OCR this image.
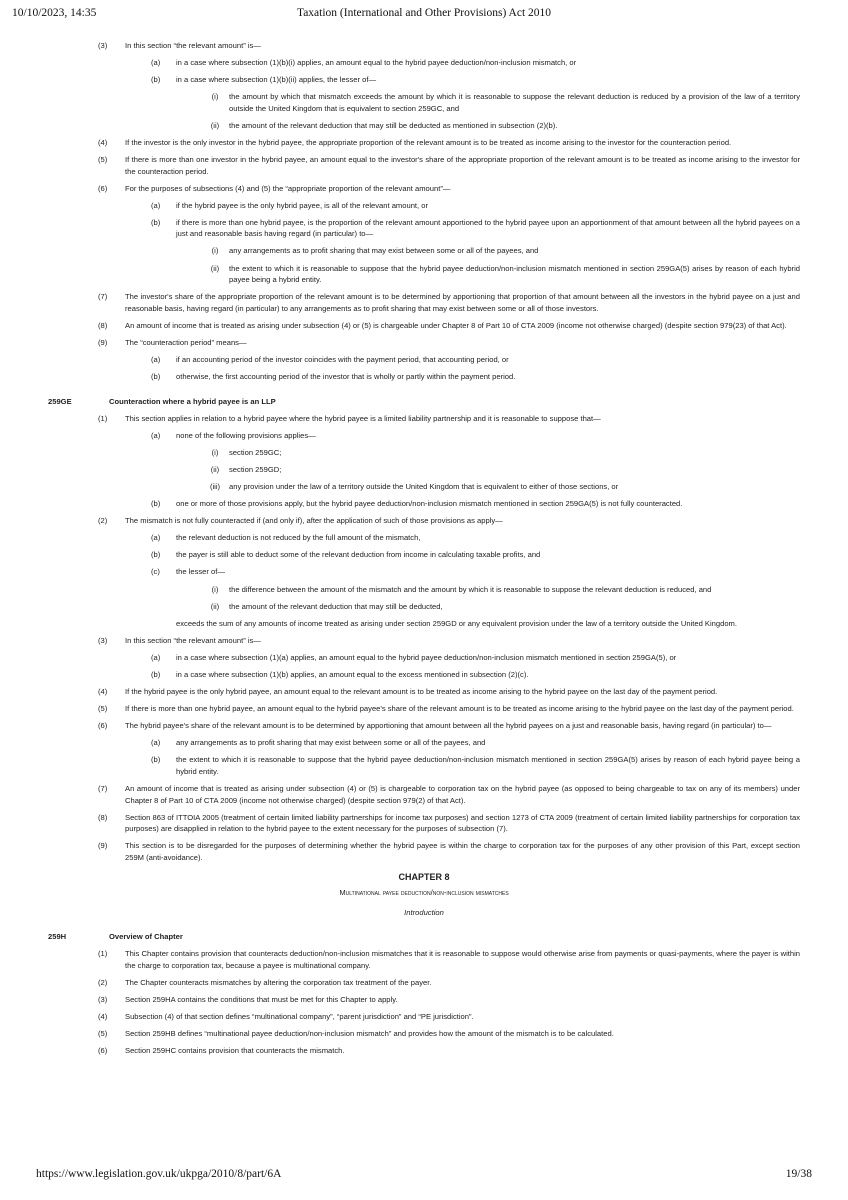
10/10/2023, 14:35	Taxation (International and Other Provisions) Act 2010
(3) In this section “the relevant amount” is—
(a) in a case where subsection (1)(b)(i) applies, an amount equal to the hybrid payee deduction/non-inclusion mismatch, or
(b) in a case where subsection (1)(b)(ii) applies, the lesser of—
(i)	the amount by which that mismatch exceeds the amount by which it is reasonable to suppose the relevant deduction is reduced by a provision of the law of a territory outside the United Kingdom that is equivalent to section 259GC, and
(ii)	the amount of the relevant deduction that may still be deducted as mentioned in subsection (2)(b).
(4) If the investor is the only investor in the hybrid payee, the appropriate proportion of the relevant amount is to be treated as income arising to the investor for the counteraction period.
(5) If there is more than one investor in the hybrid payee, an amount equal to the investor's share of the appropriate proportion of the relevant amount is to be treated as income arising to the investor for the counteraction period.
(6) For the purposes of subsections (4) and (5) the “appropriate proportion of the relevant amount”—
(a) if the hybrid payee is the only hybrid payee, is all of the relevant amount, or
(b) if there is more than one hybrid payee, is the proportion of the relevant amount apportioned to the hybrid payee upon an apportionment of that amount between all the hybrid payees on a just and reasonable basis having regard (in particular) to—
(i)	any arrangements as to profit sharing that may exist between some or all of the payees, and
(ii)	the extent to which it is reasonable to suppose that the hybrid payee deduction/non-inclusion mismatch mentioned in section 259GA(5) arises by reason of each hybrid payee being a hybrid entity.
(7) The investor's share of the appropriate proportion of the relevant amount is to be determined by apportioning that proportion of that amount between all the investors in the hybrid payee on a just and reasonable basis, having regard (in particular) to any arrangements as to profit sharing that may exist between some or all of those investors.
(8) An amount of income that is treated as arising under subsection (4) or (5) is chargeable under Chapter 8 of Part 10 of CTA 2009 (income not otherwise charged) (despite section 979(23) of that Act).
(9) The “counteraction period” means—
(a) if an accounting period of the investor coincides with the payment period, that accounting period, or
(b) otherwise, the first accounting period of the investor that is wholly or partly within the payment period.
259GE	Counteraction where a hybrid payee is an LLP
(1) This section applies in relation to a hybrid payee where the hybrid payee is a limited liability partnership and it is reasonable to suppose that—
(a) none of the following provisions applies—
(i)	section 259GC;
(ii)	section 259GD;
(iii)	any provision under the law of a territory outside the United Kingdom that is equivalent to either of those sections, or
(b) one or more of those provisions apply, but the hybrid payee deduction/non-inclusion mismatch mentioned in section 259GA(5) is not fully counteracted.
(2) The mismatch is not fully counteracted if (and only if), after the application of such of those provisions as apply—
(a) the relevant deduction is not reduced by the full amount of the mismatch,
(b) the payer is still able to deduct some of the relevant deduction from income in calculating taxable profits, and
(c) the lesser of—
(i)	the difference between the amount of the mismatch and the amount by which it is reasonable to suppose the relevant deduction is reduced, and
(ii)	the amount of the relevant deduction that may still be deducted,
exceeds the sum of any amounts of income treated as arising under section 259GD or any equivalent provision under the law of a territory outside the United Kingdom.
(3) In this section “the relevant amount” is—
(a) in a case where subsection (1)(a) applies, an amount equal to the hybrid payee deduction/non-inclusion mismatch mentioned in section 259GA(5), or
(b) in a case where subsection (1)(b) applies, an amount equal to the excess mentioned in subsection (2)(c).
(4) If the hybrid payee is the only hybrid payee, an amount equal to the relevant amount is to be treated as income arising to the hybrid payee on the last day of the payment period.
(5) If there is more than one hybrid payee, an amount equal to the hybrid payee's share of the relevant amount is to be treated as income arising to the hybrid payee on the last day of the payment period.
(6) The hybrid payee's share of the relevant amount is to be determined by apportioning that amount between all the hybrid payees on a just and reasonable basis, having regard (in particular) to—
(a) any arrangements as to profit sharing that may exist between some or all of the payees, and
(b) the extent to which it is reasonable to suppose that the hybrid payee deduction/non-inclusion mismatch mentioned in section 259GA(5) arises by reason of each hybrid payee being a hybrid entity.
(7) An amount of income that is treated as arising under subsection (4) or (5) is chargeable to corporation tax on the hybrid payee (as opposed to being chargeable to tax on any of its members) under Chapter 8 of Part 10 of CTA 2009 (income not otherwise charged) (despite section 979(2) of that Act).
(8) Section 863 of ITTOIA 2005 (treatment of certain limited liability partnerships for income tax purposes) and section 1273 of CTA 2009 (treatment of certain limited liability partnerships for corporation tax purposes) are disapplied in relation to the hybrid payee to the extent necessary for the purposes of subsection (7).
(9) This section is to be disregarded for the purposes of determining whether the hybrid payee is within the charge to corporation tax for the purposes of any other provision of this Part, except section 259M (anti-avoidance).
CHAPTER 8
Multinational payee deduction/non-inclusion mismatches
Introduction
259H	Overview of Chapter
(1) This Chapter contains provision that counteracts deduction/non-inclusion mismatches that it is reasonable to suppose would otherwise arise from payments or quasi-payments, where the payer is within the charge to corporation tax, because a payee is multinational company.
(2) The Chapter counteracts mismatches by altering the corporation tax treatment of the payer.
(3) Section 259HA contains the conditions that must be met for this Chapter to apply.
(4) Subsection (4) of that section defines “multinational company”, “parent jurisdiction” and “PE jurisdiction”.
(5) Section 259HB defines “multinational payee deduction/non-inclusion mismatch” and provides how the amount of the mismatch is to be calculated.
(6) Section 259HC contains provision that counteracts the mismatch.
https://www.legislation.gov.uk/ukpga/2010/8/part/6A	19/38
